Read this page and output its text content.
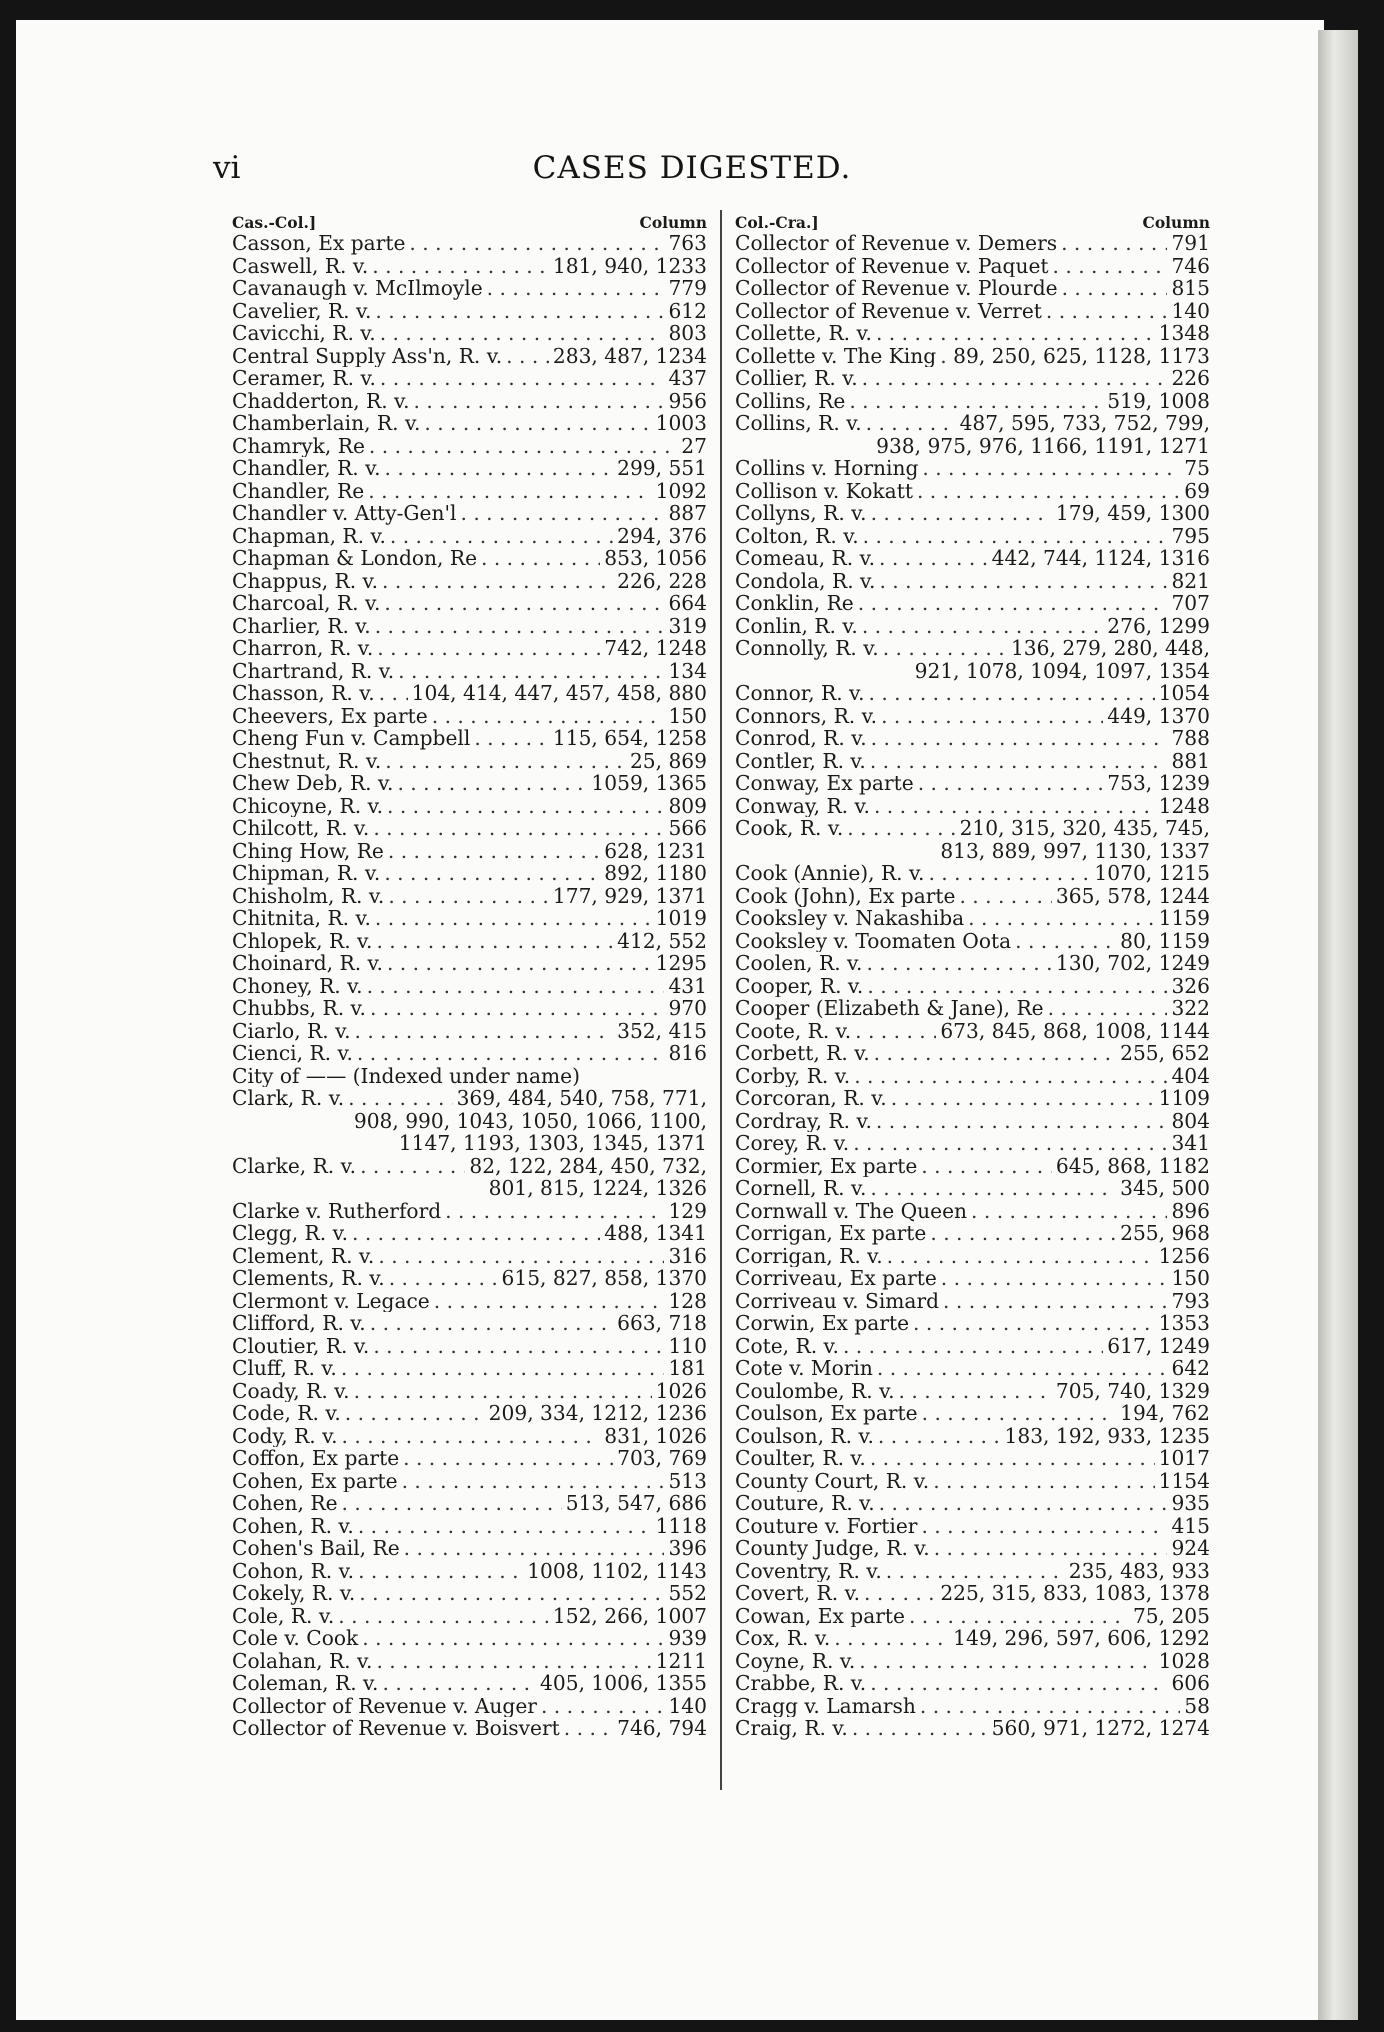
vi	CASES DIGESTED.
Cas.-Col.]	Column
Casson, Ex parte . . .	763
Caswell, R. v. . . .	181, 940, 1233
Cavanaugh v. McIlmoyle . . .	779
Cavelier, R. v. . . .	612
Cavicchi, R. v. . . .	803
Central Supply Ass'n, R. v. . . .	283, 487, 1234
Ceramer, R. v. . . .	437
Chadderton, R. v. . . .	956
Chamberlain, R. v. . . .	1003
Chamryk, Re . . .	27
Chandler, R. v. . . .	299, 551
Chandler, Re . . .	1092
Chandler v. Atty-Gen'l . . .	887
Chapman, R. v. . . .	294, 376
Chapman & London, Re . . .	853, 1056
Chappus, R. v. . . .	226, 228
Charcoal, R. v. . . .	664
Charlier, R. v. . . .	319
Charron, R. v. . . .	742, 1248
Chartrand, R. v. . . .	134
Chasson, R. v. . . . 104, 414, 447, 457, 458, 880
Cheevers, Ex parte . . .	150
Cheng Fun v. Campbell . . .	115, 654, 1258
Chestnut, R. v. . . .	25, 869
Chew Deb, R. v. . . .	1059, 1365
Chicoyne, R. v. . . .	809
Chilcott, R. v. . . .	566
Ching How, Re . . .	628, 1231
Chipman, R. v. . . .	892, 1180
Chisholm, R. v. . . .	177, 929, 1371
Chitnita, R. v. . . .	1019
Chlopek, R. v. . . .	412, 552
Choinard, R. v. . . .	1295
Choney, R. v. . . .	431
Chubbs, R. v. . . .	970
Ciarlo, R. v. . . .	352, 415
Cienci, R. v. . . .	816
City of —— (Indexed under name)
Clark, R. v. . . .	369, 484, 540, 758, 771,
908, 990, 1043, 1050, 1066, 1100,
1147, 1193, 1303, 1345, 1371
Clarke, R. v. . . .	82, 122, 284, 450, 732,
801, 815, 1224, 1326
Clarke v. Rutherford . . .	129
Clegg, R. v. . . .	488, 1341
Clement, R. v. . . .	316
Clements, R. v. . . .	615, 827, 858, 1370
Clermont v. Legace . . .	128
Clifford, R. v. . . .	663, 718
Cloutier, R. v. . . .	110
Cluff, R. v. . . .	181
Coady, R. v. . . .	1026
Code, R. v. . . .	209, 334, 1212, 1236
Cody, R. v. . . .	831, 1026
Coffon, Ex parte . . .	703, 769
Cohen, Ex parte . . .	513
Cohen, Re . . .	513, 547, 686
Cohen, R. v. . . .	1118
Cohen's Bail, Re . . .	396
Cohon, R. v. . . .	1008, 1102, 1143
Cokely, R. v. . . .	552
Cole, R. v. . . .	152, 266, 1007
Cole v. Cook . . .	939
Colahan, R. v. . . .	1211
Coleman, R. v. . . .	405, 1006, 1355
Collector of Revenue v. Auger . . .	140
Collector of Revenue v. Boisvert . . .	746, 794
Col.-Cra.]	Column
Collector of Revenue v. Demers . . .	791
Collector of Revenue v. Paquet . . .	746
Collector of Revenue v. Plourde . . .	815
Collector of Revenue v. Verret . . .	140
Collette, R. v. . . .	1348
Collette v. The King . . . 89, 250, 625, 1128, 1173
Collier, R. v. . . .	226
Collins, Re . . .	519, 1008
Collins, R. v. . . .	487, 595, 733, 752, 799,
938, 975, 976, 1166, 1191, 1271
Collins v. Horning . . .	75
Collison v. Kokatt . . .	69
Collyns, R. v. . . .	179, 459, 1300
Colton, R. v. . . .	795
Comeau, R. v. . . .	442, 744, 1124, 1316
Condola, R. v. . . .	821
Conklin, Re . . .	707
Conlin, R. v. . . .	276, 1299
Connolly, R. v. . . .	136, 279, 280, 448,
921, 1078, 1094, 1097, 1354
Connor, R. v. . . .	1054
Connors, R. v. . . .	449, 1370
Conrod, R. v. . . .	788
Contler, R. v. . . .	881
Conway, Ex parte . . .	753, 1239
Conway, R. v. . . .	1248
Cook, R. v. . . .	210, 315, 320, 435, 745,
813, 889, 997, 1130, 1337
Cook (Annie), R. v. . . .	1070, 1215
Cook (John), Ex parte . . .	365, 578, 1244
Cooksley v. Nakashiba . . .	1159
Cooksley v. Toomaten Oota . . .	80, 1159
Coolen, R. v. . . .	130, 702, 1249
Cooper, R. v. . . .	326
Cooper (Elizabeth & Jane), Re . . .	322
Coote, R. v. . . .	673, 845, 868, 1008, 1144
Corbett, R. v. . . .	255, 652
Corby, R. v. . . .	404
Corcoran, R. v. . . .	1109
Cordray, R. v. . . .	804
Corey, R. v. . . .	341
Cormier, Ex parte . . .	645, 868, 1182
Cornell, R. v. . . .	345, 500
Cornwall v. The Queen . . .	896
Corrigan, Ex parte . . .	255, 968
Corrigan, R. v. . . .	1256
Corriveau, Ex parte . . .	150
Corriveau v. Simard . . .	793
Corwin, Ex parte . . .	1353
Cote, R. v. . . .	617, 1249
Cote v. Morin . . .	642
Coulombe, R. v. . . .	705, 740, 1329
Coulson, Ex parte . . .	194, 762
Coulson, R. v. . . .	183, 192, 933, 1235
Coulter, R. v. . . .	1017
County Court, R. v. . . .	1154
Couture, R. v. . . .	935
Couture v. Fortier . . .	415
County Judge, R. v. . . .	924
Coventry, R. v. . . .	235, 483, 933
Covert, R. v. . . .	225, 315, 833, 1083, 1378
Cowan, Ex parte . . .	75, 205
Cox, R. v. . . .	149, 296, 597, 606, 1292
Coyne, R. v. . . .	1028
Crabbe, R. v. . . .	606
Cragg v. Lamarsh . . .	58
Craig, R. v. . . .	560, 971, 1272, 1274
